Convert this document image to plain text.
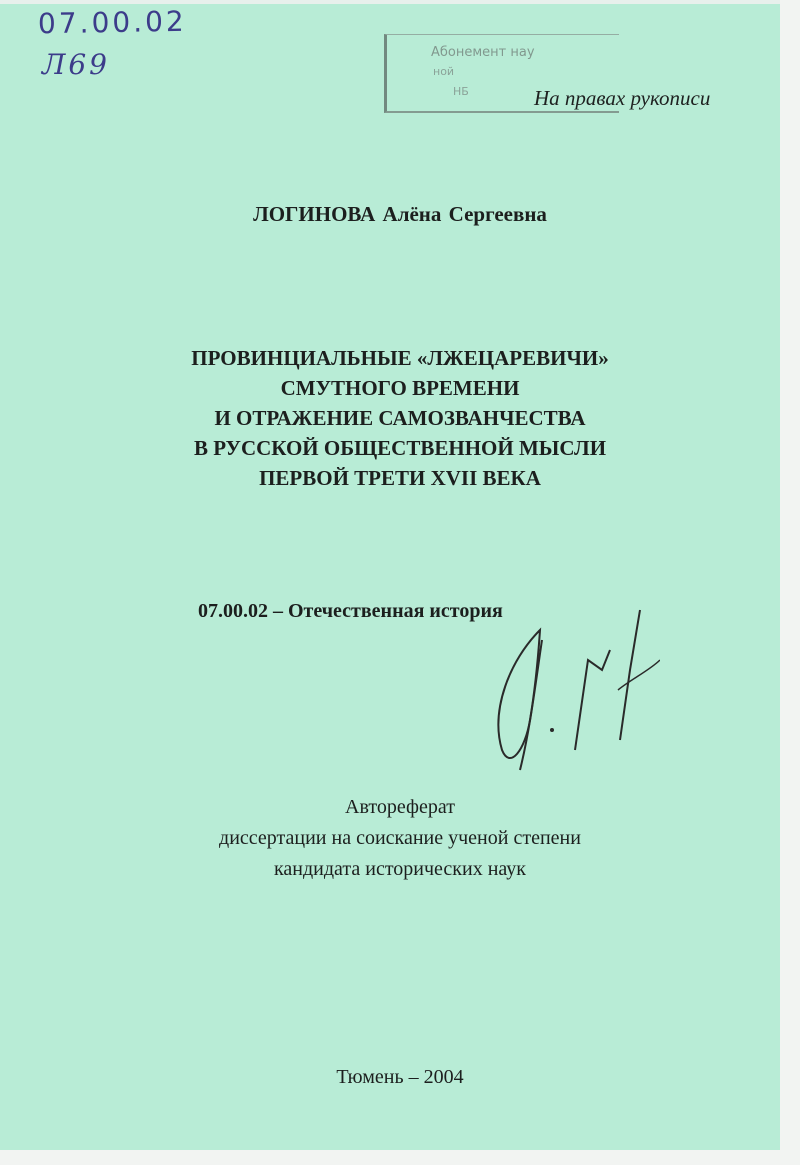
07.00.02
Л69	Абонемент нау
ной
НБ	На правах рукописи
ЛОГИНОВА Алёна Сергеевна
ПРОВИНЦИАЛЬНЫЕ «ЛЖЕЦАРЕВИЧИ»
СМУТНОГО ВРЕМЕНИ
И ОТРАЖЕНИЕ САМОЗВАНЧЕСТВА
В РУССКОЙ ОБЩЕСТВЕННОЙ МЫСЛИ
ПЕРВОЙ ТРЕТИ XVII ВЕКА
07.00.02 – Отечественная история
Автореферат
диссертации на соискание ученой степени
кандидата исторических наук
Тюмень – 2004
